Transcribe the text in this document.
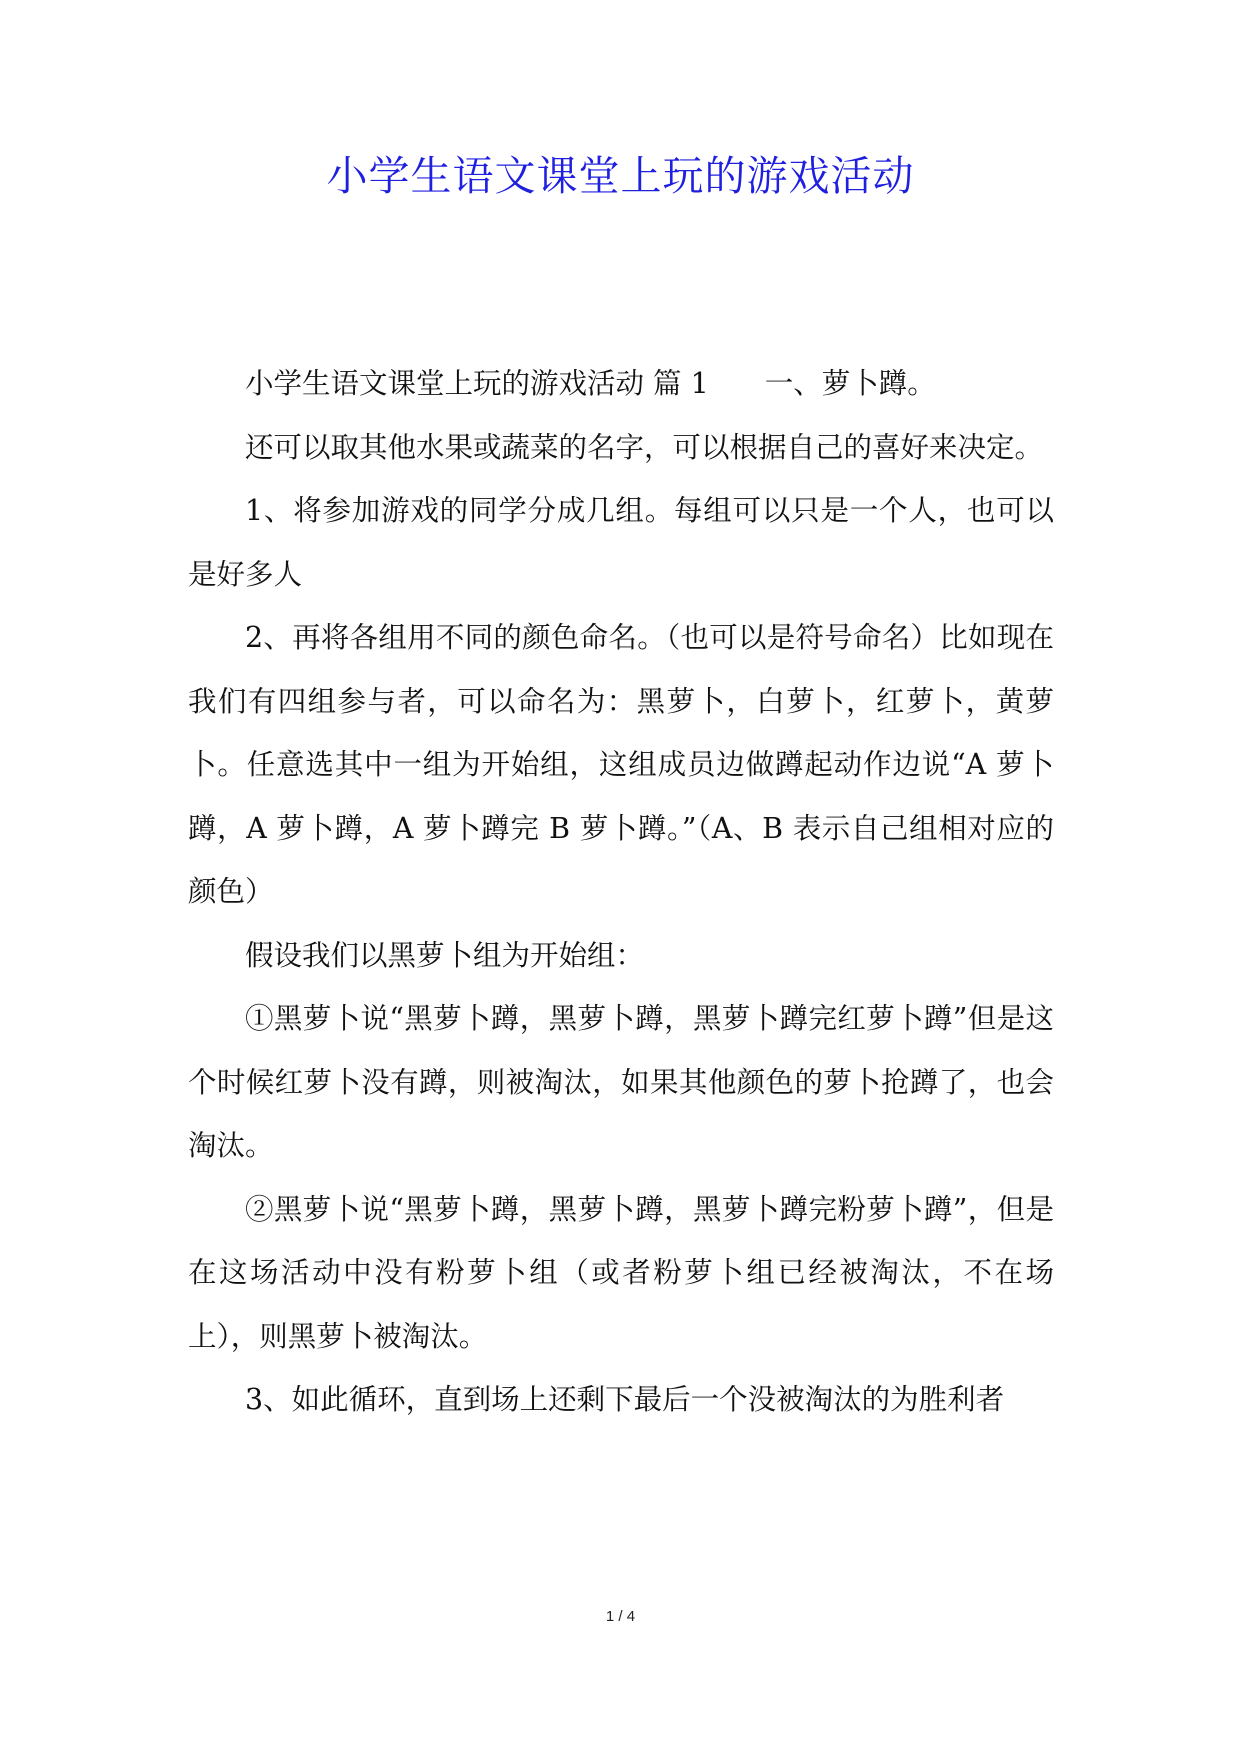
小学生语文课堂上玩的游戏活动

小学生语文课堂上玩的游戏活动 篇 1 一、萝卜蹲。

还可以取其他水果或蔬菜的名字，可以根据自己的喜好来决定。

1、将参加游戏的同学分成几组。每组可以只是一个人，也可以是好多人

2、再将各组用不同的颜色命名。（也可以是符号命名）比如现在我们有四组参与者，可以命名为：黑萝卜，白萝卜，红萝卜，黄萝卜。任意选其中一组为开始组，这组成员边做蹲起动作边说“A 萝卜蹲，A 萝卜蹲，A 萝卜蹲完 B 萝卜蹲。”（A、B 表示自己组相对应的颜色）

假设我们以黑萝卜组为开始组：

①黑萝卜说“黑萝卜蹲，黑萝卜蹲，黑萝卜蹲完红萝卜蹲”但是这个时候红萝卜没有蹲，则被淘汰，如果其他颜色的萝卜抢蹲了，也会淘汰。

②黑萝卜说“黑萝卜蹲，黑萝卜蹲，黑萝卜蹲完粉萝卜蹲”，但是在这场活动中没有粉萝卜组（或者粉萝卜组已经被淘汰，不在场上），则黑萝卜被淘汰。

3、如此循环，直到场上还剩下最后一个没被淘汰的为胜利者

1 / 4
